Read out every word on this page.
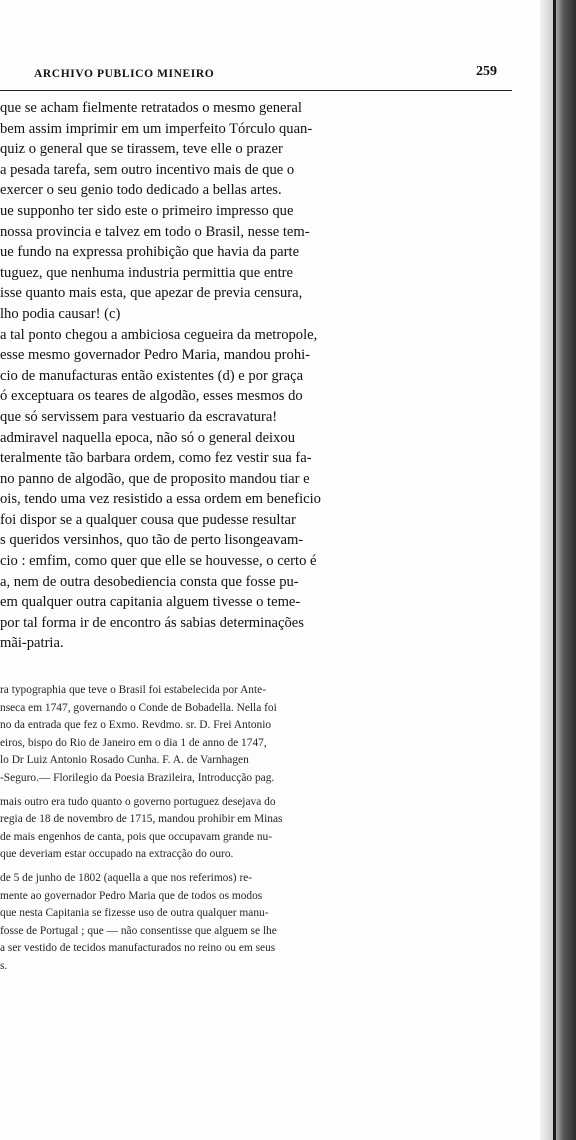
ARCHIVO PUBLICO MINEIRO	259
que se acham fielmente retratados o mesmo general
bem assim imprimir em um imperfeito Tórculo quan-
quiz o general que se tirassem, teve elle o prazer
a pesada tarefa, sem outro incentivo mais de que o
exercer o seu genio todo dedicado a bellas artes.
ue supponho ter sido este o primeiro impresso que
nossa provincia e talvez em todo o Brasil, nesse tem-
ue fundo na expressa prohibição que havia da parte
tuguez, que nenhuma industria permittia que entre
isse quanto mais esta, que apezar de previa censura,
lho podia causar! (c)
a tal ponto chegou a ambiciosa cegueira da metropole,
esse mesmo governador Pedro Maria, mandou prohi-
cio de manufacturas então existentes (d) e por graça
ó exceptuara os teares de algodão, esses mesmos do
que só servissem para vestuario da escravatura!
admiravel naquella epoca, não só o general deixou
teralmente tão barbara ordem, como fez vestir sua fa-
no panno de algodão, que de proposito mandou tiar e
ois, tendo uma vez resistido a essa ordem em beneficio
foi dispor se a qualquer cousa que pudesse resultar
s queridos versinhos, quo tão de perto lisongeavam-
cio : emfim, como quer que elle se houvesse, o certo é
a, nem de outra desobediencia consta que fosse pu-
em qualquer outra capitania alguem tivesse o teme-
por tal forma ir de encontro ás sabias determinações
mãi-patria.
ra typographia que teve o Brasil foi estabelecida por Ante-
nseca em 1747, governando o Conde de Bobadella. Nella foi
no da entrada que fez o Exmo. Revdmo. sr. D. Frei Antonio
eiros, bispo do Rio de Janeiro em o dia 1 de anno de 1747,
lo Dr Luiz Antonio Rosado Cunha. F. A. de Varnhagen
-Seguro.— Florilegio da Poesia Brazileira, Introducção pag.
mais outro era tudo quanto o governo portuguez desejava do
regia de 18 de novembro de 1715, mandou prohibir em Minas
de mais engenhos de canta, pois que occupavam grande nu-
que deveriam estar occupado na extracção do ouro.
de 5 de junho de 1802 (aquella a que nos referimos) re-
mente ao governador Pedro Maria que de todos os modos
que nesta Capitania se fizesse uso de outra qualquer manu-
fosse de Portugal ; que — não consentisse que alguem se lhe
a ser vestido de tecidos manufacturados no reino ou em seus
s.
